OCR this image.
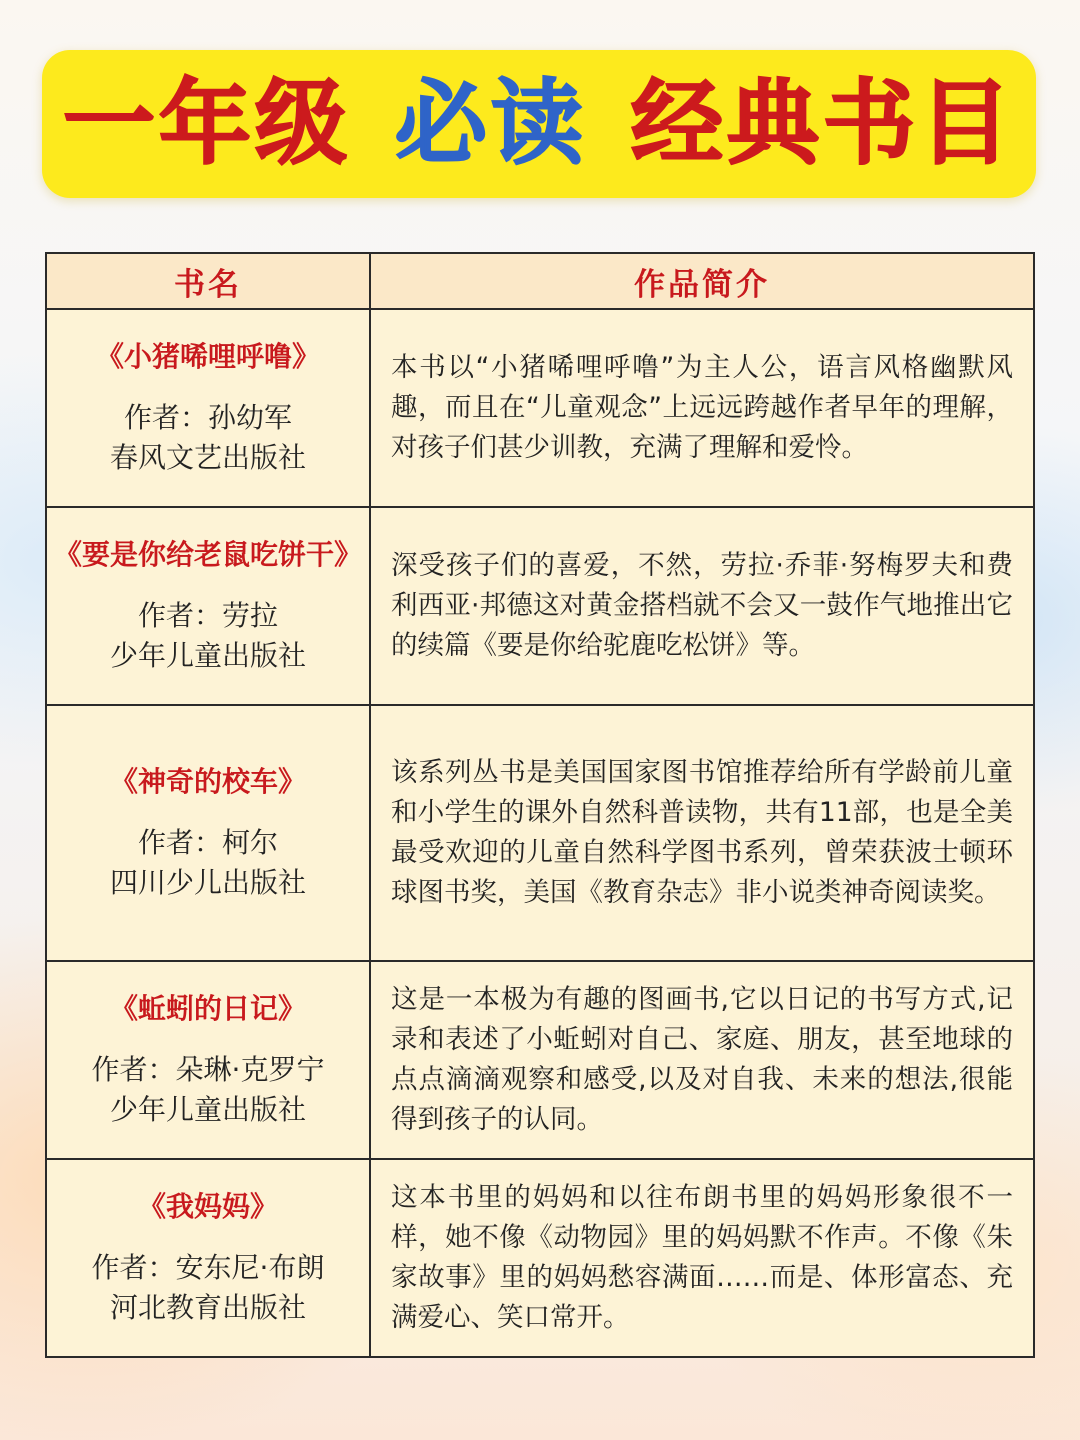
一年级 必读 经典书目
书名	作品简介

《小猪唏哩呼噜》
作者：孙幼军
春风文艺出版社	本书以“小猪唏哩呼噜”为主人公，语言风格幽默风趣，而且在“儿童观念”上远远跨越作者早年的理解，对孩子们甚少训教，充满了理解和爱怜。

《要是你给老鼠吃饼干》
作者：劳拉
少年儿童出版社	深受孩子们的喜爱，不然，劳拉·乔菲·努梅罗夫和费利西亚·邦德这对黄金搭档就不会又一鼓作气地推出它的续篇《要是你给驼鹿吃松饼》等。

《神奇的校车》
作者：柯尔
四川少儿出版社	该系列丛书是美国国家图书馆推荐给所有学龄前儿童和小学生的课外自然科普读物，共有11部，也是全美最受欢迎的儿童自然科学图书系列，曾荣获波士顿环球图书奖，美国《教育杂志》非小说类神奇阅读奖。

《蚯蚓的日记》
作者：朵琳·克罗宁
少年儿童出版社	这是一本极为有趣的图画书,它以日记的书写方式,记录和表述了小蚯蚓对自己、家庭、朋友，甚至地球的点点滴滴观察和感受,以及对自我、未来的想法,很能得到孩子的认同。

《我妈妈》
作者：安东尼·布朗
河北教育出版社	这本书里的妈妈和以往布朗书里的妈妈形象很不一样，她不像《动物园》里的妈妈默不作声。不像《朱家故事》里的妈妈愁容满面……而是、体形富态、充满爱心、笑口常开。
